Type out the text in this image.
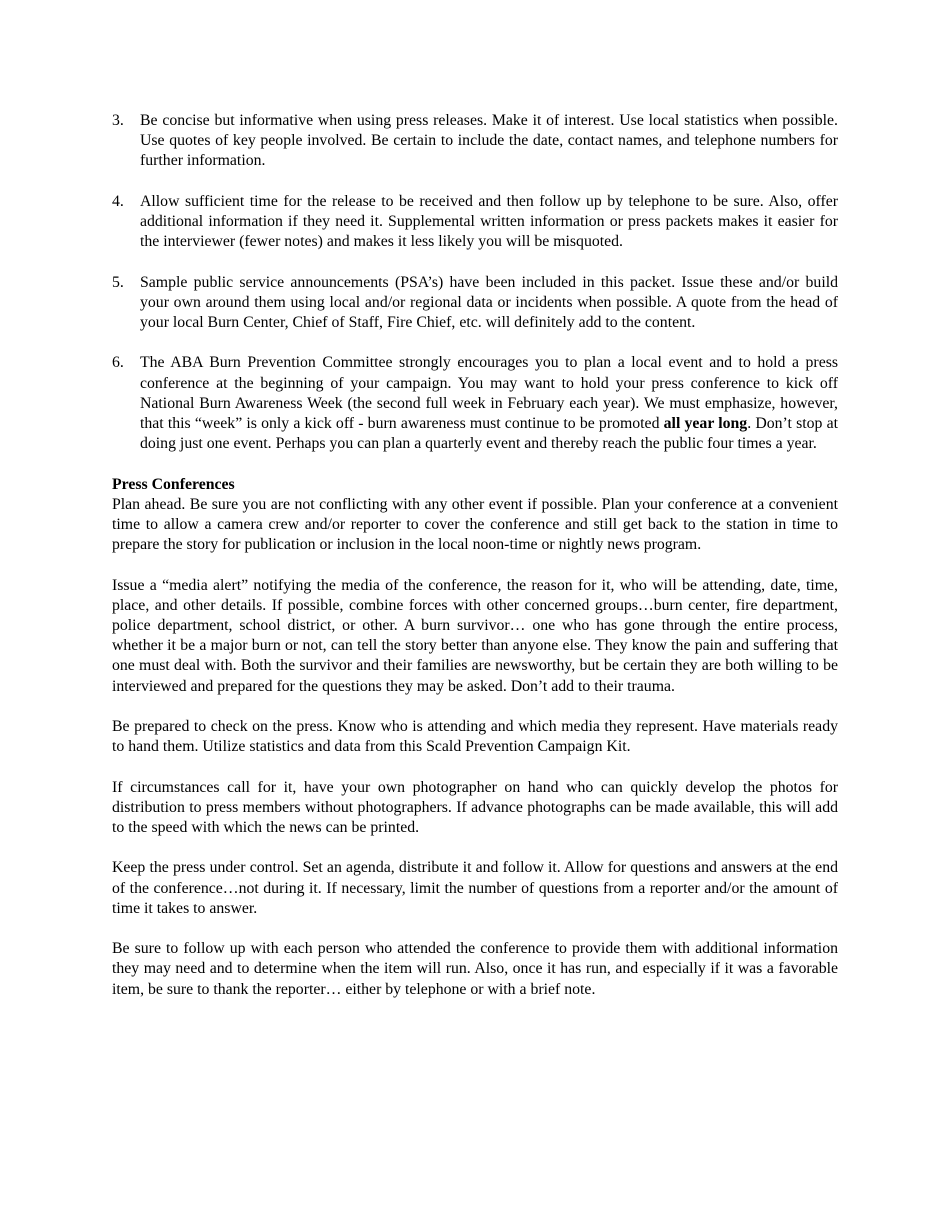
3. Be concise but informative when using press releases. Make it of interest. Use local statistics when possible. Use quotes of key people involved. Be certain to include the date, contact names, and telephone numbers for further information.
4. Allow sufficient time for the release to be received and then follow up by telephone to be sure. Also, offer additional information if they need it. Supplemental written information or press packets makes it easier for the interviewer (fewer notes) and makes it less likely you will be misquoted.
5. Sample public service announcements (PSA’s) have been included in this packet. Issue these and/or build your own around them using local and/or regional data or incidents when possible. A quote from the head of your local Burn Center, Chief of Staff, Fire Chief, etc. will definitely add to the content.
6. The ABA Burn Prevention Committee strongly encourages you to plan a local event and to hold a press conference at the beginning of your campaign. You may want to hold your press conference to kick off National Burn Awareness Week (the second full week in February each year). We must emphasize, however, that this “week” is only a kick off - burn awareness must continue to be promoted all year long. Don’t stop at doing just one event. Perhaps you can plan a quarterly event and thereby reach the public four times a year.

Press Conferences

Plan ahead. Be sure you are not conflicting with any other event if possible. Plan your conference at a convenient time to allow a camera crew and/or reporter to cover the conference and still get back to the station in time to prepare the story for publication or inclusion in the local noon-time or nightly news program.

Issue a “media alert” notifying the media of the conference, the reason for it, who will be attending, date, time, place, and other details. If possible, combine forces with other concerned groups…burn center, fire department, police department, school district, or other. A burn survivor… one who has gone through the entire process, whether it be a major burn or not, can tell the story better than anyone else. They know the pain and suffering that one must deal with. Both the survivor and their families are newsworthy, but be certain they are both willing to be interviewed and prepared for the questions they may be asked. Don’t add to their trauma.

Be prepared to check on the press. Know who is attending and which media they represent. Have materials ready to hand them. Utilize statistics and data from this Scald Prevention Campaign Kit.

If circumstances call for it, have your own photographer on hand who can quickly develop the photos for distribution to press members without photographers. If advance photographs can be made available, this will add to the speed with which the news can be printed.

Keep the press under control. Set an agenda, distribute it and follow it. Allow for questions and answers at the end of the conference…not during it. If necessary, limit the number of questions from a reporter and/or the amount of time it takes to answer.

Be sure to follow up with each person who attended the conference to provide them with additional information they may need and to determine when the item will run. Also, once it has run, and especially if it was a favorable item, be sure to thank the reporter… either by telephone or with a brief note.
